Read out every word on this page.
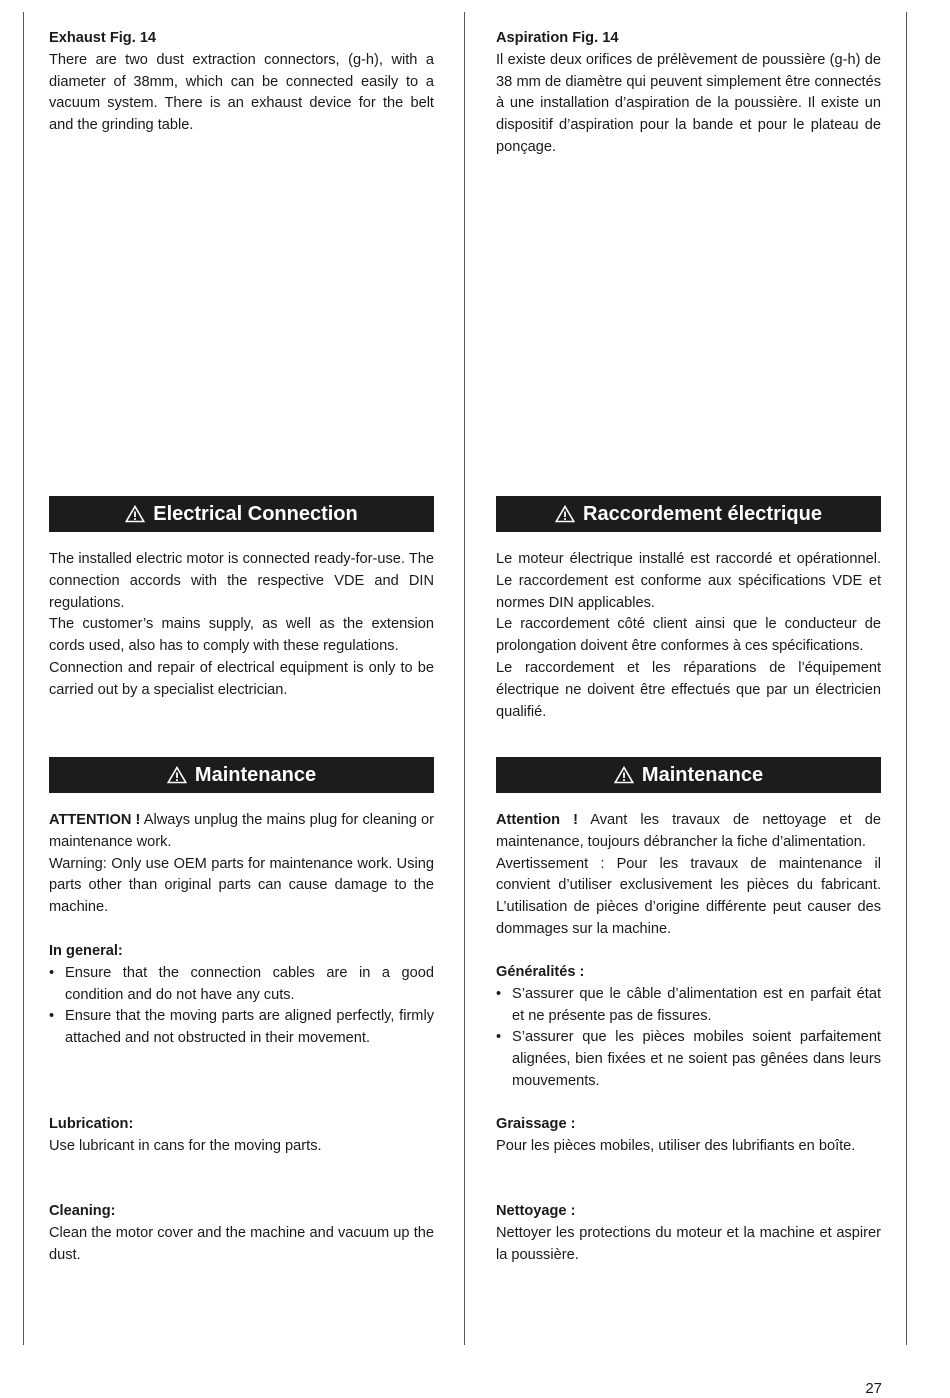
Exhaust Fig. 14

There are two dust extraction connectors, (g-h), with a diameter of 38mm, which can be connected easily to a vacuum system. There is an exhaust device for the belt and the grinding table.

Electrical Connection

The installed electric motor is connected ready-for-use. The connection accords with the respective VDE and DIN regulations.

The customer’s mains supply, as well as the extension cords used, also has to comply with these regulations.

Connection and repair of electrical equipment is only to be carried out by a specialist electrician.

Maintenance

ATTENTION ! Always unplug the mains plug for cleaning or maintenance work.

Warning: Only use OEM parts for maintenance work. Using parts other than original parts can cause damage to the machine.

In general:

• Ensure that the connection cables are in a good condition and do not have any cuts.
• Ensure that the moving parts are aligned perfectly, firmly attached and not obstructed in their movement.

Lubrication:

Use lubricant in cans for the moving parts.

Cleaning:

Clean the motor cover and the machine and vacuum up the dust.

Aspiration Fig. 14

Il existe deux orifices de prélèvement de poussière (g-h) de 38 mm de diamètre qui peuvent simplement être connectés à une installation d’aspiration de la poussière. Il existe un dispositif d’aspiration pour la bande et pour le plateau de ponçage.

Raccordement électrique

Le moteur électrique installé est raccordé et opérationnel. Le raccordement est conforme aux spécifications VDE et normes DIN applicables.

Le raccordement côté client ainsi que le conducteur de prolongation doivent être conformes à ces spécifications.

Le raccordement et les réparations de l’équipement électrique ne doivent être effectués que par un électricien qualifié.

Maintenance

Attention ! Avant les travaux de nettoyage et de maintenance, toujours débrancher la fiche d’alimentation.

Avertissement : Pour les travaux de maintenance il convient d’utiliser exclusivement les pièces du fabricant. L’utilisation de pièces d’origine différente peut causer des dommages sur la machine.

Généralités :

• S’assurer que le câble d’alimentation est en parfait état et ne présente pas de fissures.
• S’assurer que les pièces mobiles soient parfaitement alignées, bien fixées et ne soient pas gênées dans leurs mouvements.

Graissage :

Pour les pièces mobiles, utiliser des lubrifiants en boîte.

Nettoyage :

Nettoyer les protections du moteur et la machine et aspirer la poussière.

27
